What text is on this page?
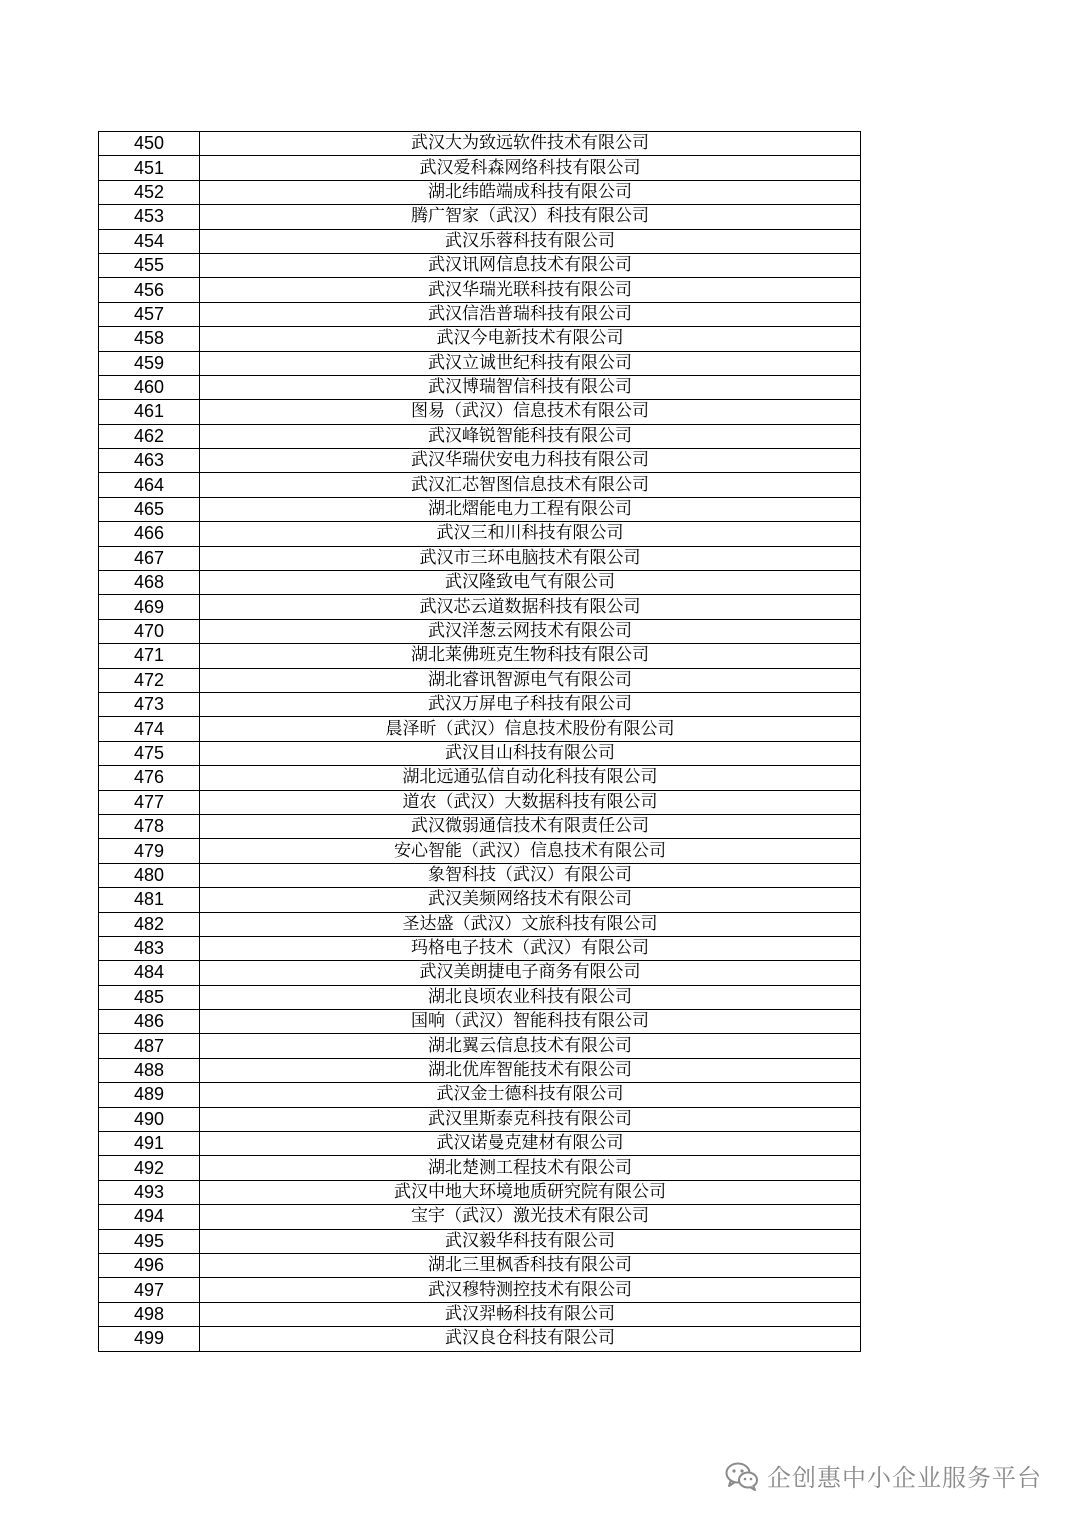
450	武汉大为致远软件技术有限公司
451	武汉爱科森网络科技有限公司
452	湖北纬皓端成科技有限公司
453	腾广智家（武汉）科技有限公司
454	武汉乐蓉科技有限公司
455	武汉讯网信息技术有限公司
456	武汉华瑞光联科技有限公司
457	武汉信浩普瑞科技有限公司
458	武汉今电新技术有限公司
459	武汉立诚世纪科技有限公司
460	武汉博瑞智信科技有限公司
461	图易（武汉）信息技术有限公司
462	武汉峰锐智能科技有限公司
463	武汉华瑞伏安电力科技有限公司
464	武汉汇芯智图信息技术有限公司
465	湖北熠能电力工程有限公司
466	武汉三和川科技有限公司
467	武汉市三环电脑技术有限公司
468	武汉隆致电气有限公司
469	武汉芯云道数据科技有限公司
470	武汉洋葱云网技术有限公司
471	湖北莱佛班克生物科技有限公司
472	湖北睿讯智源电气有限公司
473	武汉万屏电子科技有限公司
474	晨泽昕（武汉）信息技术股份有限公司
475	武汉目山科技有限公司
476	湖北远通弘信自动化科技有限公司
477	道农（武汉）大数据科技有限公司
478	武汉微弱通信技术有限责任公司
479	安心智能（武汉）信息技术有限公司
480	象智科技（武汉）有限公司
481	武汉美频网络技术有限公司
482	圣达盛（武汉）文旅科技有限公司
483	玛格电子技术（武汉）有限公司
484	武汉美朗捷电子商务有限公司
485	湖北良顷农业科技有限公司
486	国响（武汉）智能科技有限公司
487	湖北翼云信息技术有限公司
488	湖北优库智能技术有限公司
489	武汉金士德科技有限公司
490	武汉里斯泰克科技有限公司
491	武汉诺曼克建材有限公司
492	湖北楚测工程技术有限公司
493	武汉中地大环境地质研究院有限公司
494	宝宇（武汉）激光技术有限公司
495	武汉毅华科技有限公司
496	湖北三里枫香科技有限公司
497	武汉穆特测控技术有限公司
498	武汉羿畅科技有限公司
499	武汉良仓科技有限公司
企创惠中小企业服务平台
